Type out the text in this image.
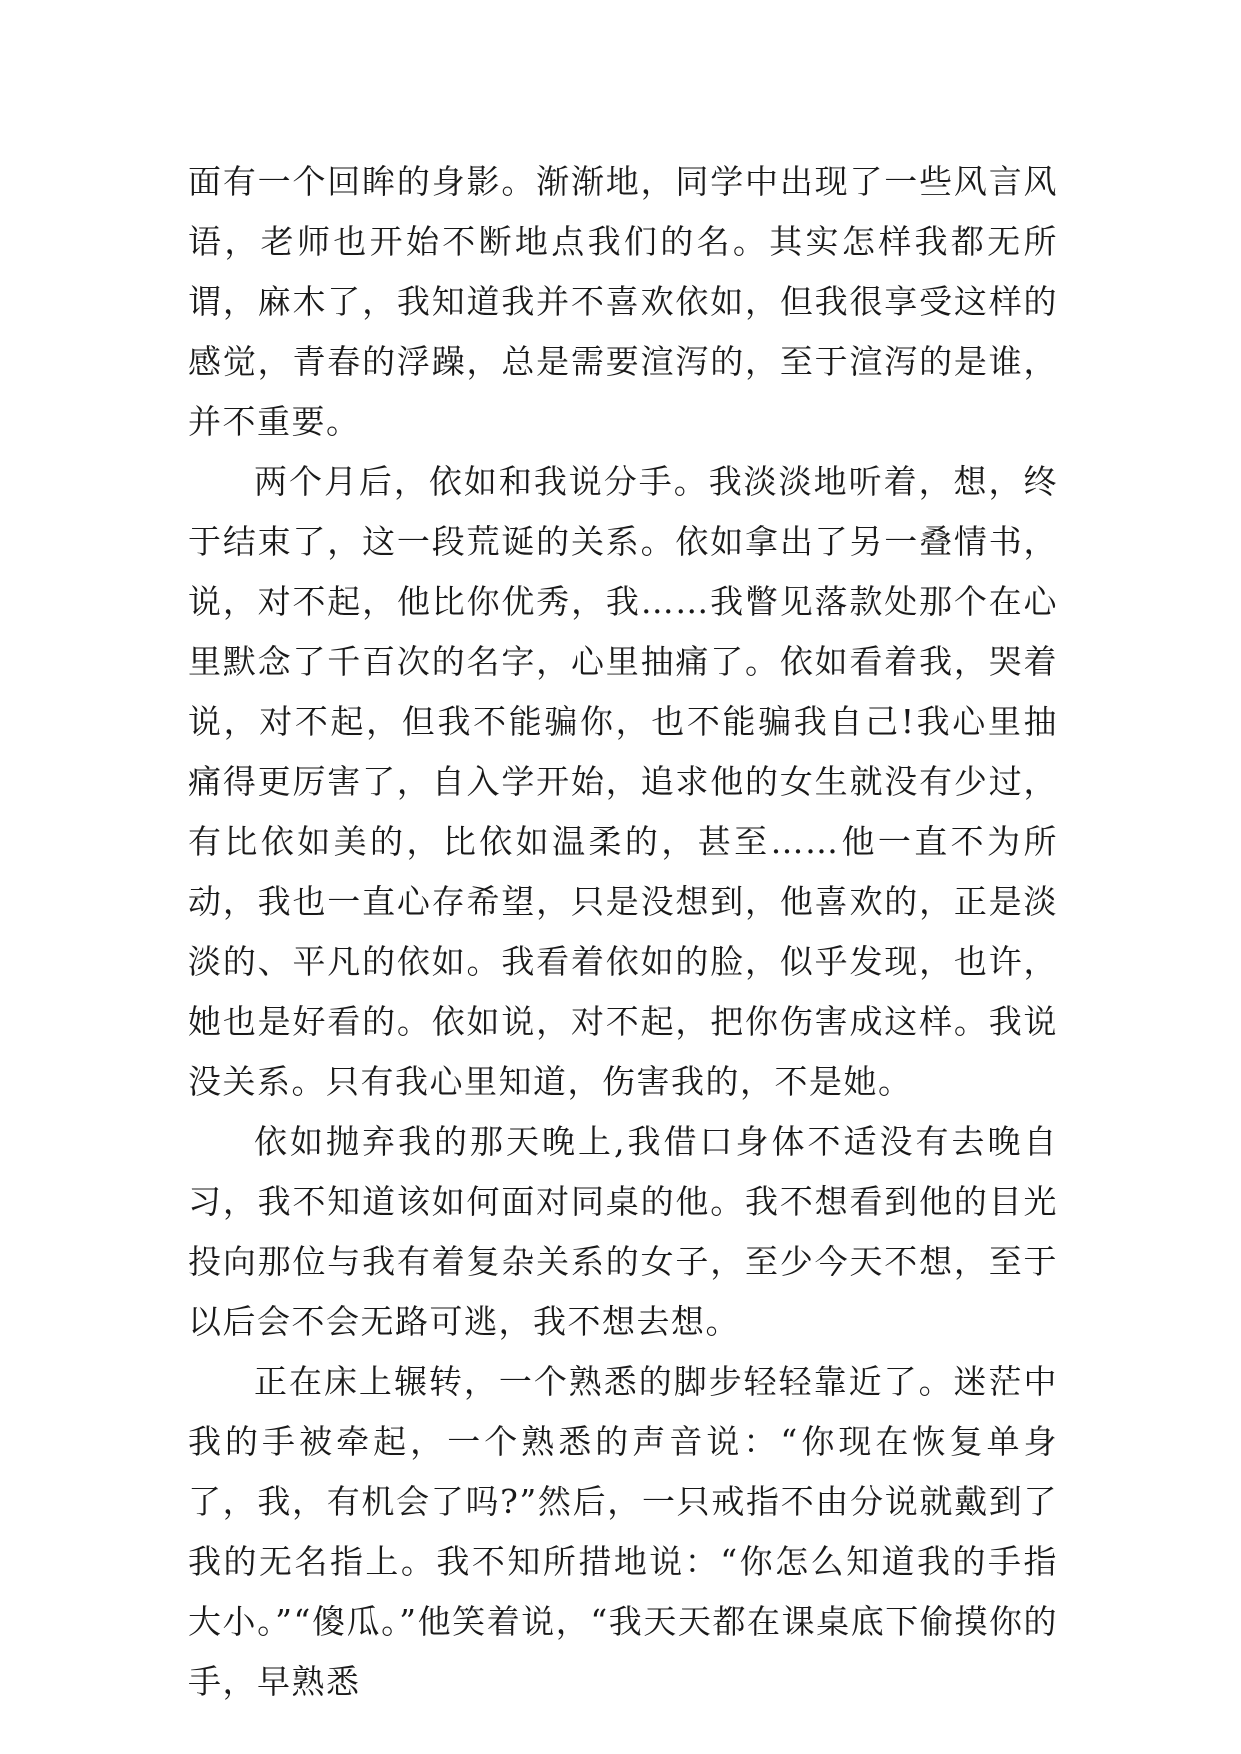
面有一个回眸的身影。渐渐地，同学中出现了一些风言风语，老师也开始不断地点我们的名。其实怎样我都无所谓，麻木了，我知道我并不喜欢依如，但我很享受这样的感觉，青春的浮躁，总是需要渲泻的，至于渲泻的是谁，并不重要。

两个月后，依如和我说分手。我淡淡地听着，想，终于结束了，这一段荒诞的关系。依如拿出了另一叠情书，说，对不起，他比你优秀，我……我瞥见落款处那个在心里默念了千百次的名字，心里抽痛了。依如看着我，哭着说，对不起，但我不能骗你，也不能骗我自己!我心里抽痛得更厉害了，自入学开始，追求他的女生就没有少过，有比依如美的，比依如温柔的，甚至……他一直不为所动，我也一直心存希望，只是没想到，他喜欢的，正是淡淡的、平凡的依如。我看着依如的脸，似乎发现，也许，她也是好看的。依如说，对不起，把你伤害成这样。我说没关系。只有我心里知道，伤害我的，不是她。

依如抛弃我的那天晚上,我借口身体不适没有去晚自习，我不知道该如何面对同桌的他。我不想看到他的目光投向那位与我有着复杂关系的女子，至少今天不想，至于以后会不会无路可逃，我不想去想。

正在床上辗转，一个熟悉的脚步轻轻靠近了。迷茫中我的手被牵起，一个熟悉的声音说：“你现在恢复单身了，我，有机会了吗?”然后，一只戒指不由分说就戴到了我的无名指上。我不知所措地说：“你怎么知道我的手指大小。”“傻瓜。”他笑着说，“我天天都在课桌底下偷摸你的手，早熟悉
